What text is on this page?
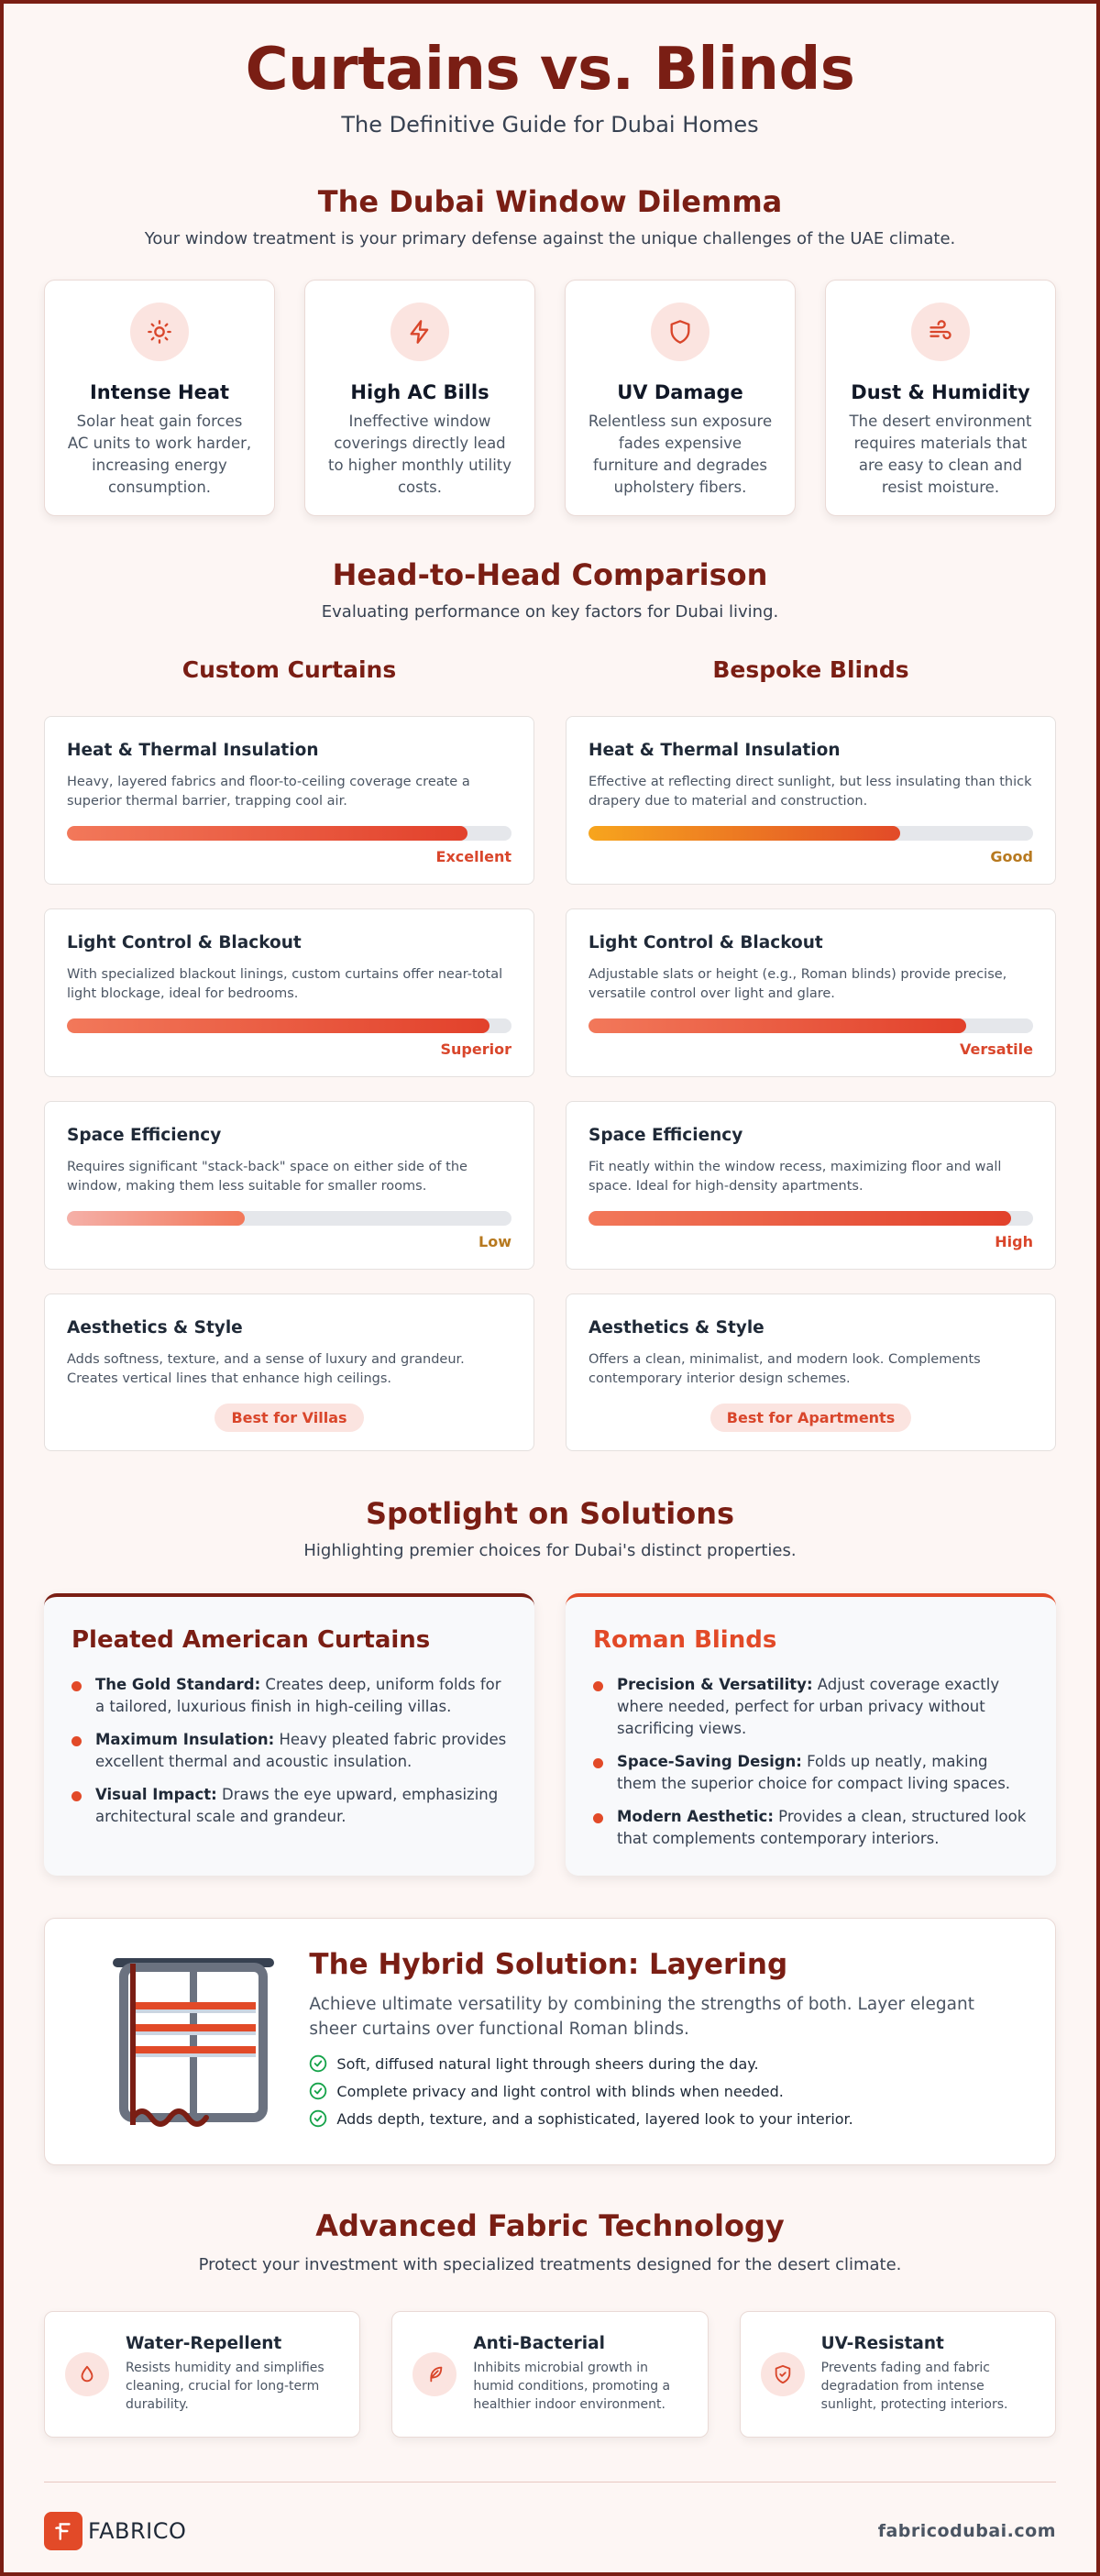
Curtains vs. Blinds
The Definitive Guide for Dubai Homes
The Dubai Window Dilemma
Your window treatment is your primary defense against the unique challenges of the UAE climate.
Intense Heat

Solar heat gain forces AC units to work harder, increasing energy consumption.

High AC Bills

Ineffective window coverings directly lead to higher monthly utility costs.

UV Damage

Relentless sun exposure fades expensive furniture and degrades upholstery fibers.

Dust & Humidity

The desert environment requires materials that are easy to clean and resist moisture.

Head-to-Head Comparison
Evaluating performance on key factors for Dubai living.
Custom Curtains	Bespoke Blinds
Heat & Thermal Insulation

Heavy, layered fabrics and floor-to-ceiling coverage create a superior thermal barrier, trapping cool air.

Excellent
Heat & Thermal Insulation

Effective at reflecting direct sunlight, but less insulating than thick drapery due to material and construction.

Good
Light Control & Blackout

With specialized blackout linings, custom curtains offer near-total light blockage, ideal for bedrooms.

Superior
Light Control & Blackout

Adjustable slats or height (e.g., Roman blinds) provide precise, versatile control over light and glare.

Versatile
Space Efficiency

Requires significant "stack-back" space on either side of the window, making them less suitable for smaller rooms.

Low
Space Efficiency

Fit neatly within the window recess, maximizing floor and wall space. Ideal for high-density apartments.

High
Aesthetics & Style

Adds softness, texture, and a sense of luxury and grandeur. Creates vertical lines that enhance high ceilings.

Best for Villas
Aesthetics & Style

Offers a clean, minimalist, and modern look. Complements contemporary interior design schemes.

Best for Apartments
Spotlight on Solutions
Highlighting premier choices for Dubai's distinct properties.
Pleated American Curtains
The Gold Standard: Creates deep, uniform folds for a tailored, luxurious finish in high-ceiling villas.
Maximum Insulation: Heavy pleated fabric provides excellent thermal and acoustic insulation.
Visual Impact: Draws the eye upward, emphasizing architectural scale and grandeur.
Roman Blinds
Precision & Versatility: Adjust coverage exactly where needed, perfect for urban privacy without sacrificing views.
Space-Saving Design: Folds up neatly, making them the superior choice for compact living spaces.
Modern Aesthetic: Provides a clean, structured look that complements contemporary interiors.
The Hybrid Solution: Layering

Achieve ultimate versatility by combining the strengths of both. Layer elegant sheer curtains over functional Roman blinds.

Soft, diffused natural light through sheers during the day.
Complete privacy and light control with blinds when needed.
Adds depth, texture, and a sophisticated, layered look to your interior.
Advanced Fabric Technology
Protect your investment with specialized treatments designed for the desert climate.
Water-Repellent

Resists humidity and simplifies cleaning, crucial for long-term durability.

Anti-Bacterial

Inhibits microbial growth in humid conditions, promoting a healthier indoor environment.

UV-Resistant

Prevents fading and fabric degradation from intense sunlight, protecting interiors.

FABRICO	fabricodubai.com
